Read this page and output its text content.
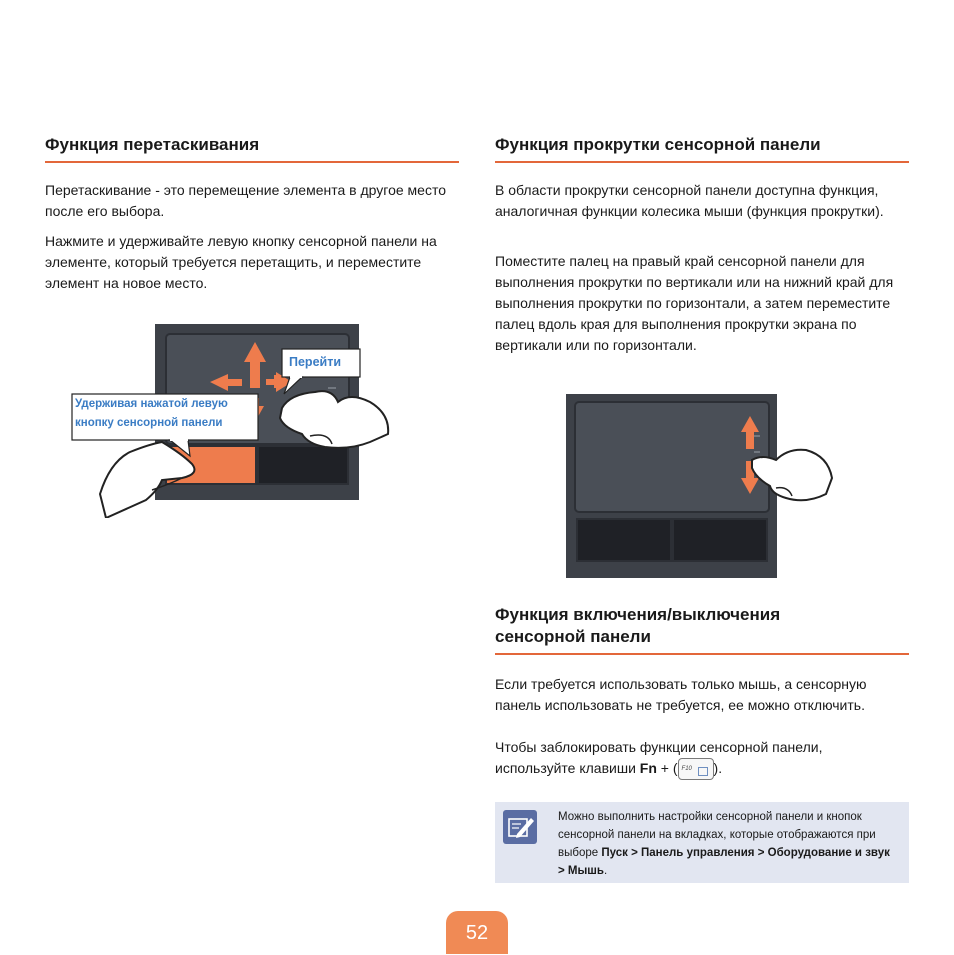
Функция перетаскивания

Перетаскивание - это перемещение элемента в другое место после его выбора.

Нажмите и удерживайте левую кнопку сенсорной панели на элементе, который требуется перетащить, и переместите элемент на новое место.

Перейти
Удерживая нажатой левую
кнопку сенсорной панели
Функция прокрутки сенсорной панели

В области прокрутки сенсорной панели доступна функция, аналогичная функции колесика мыши (функция прокрутки).

Поместите палец на правый край сенсорной панели для выполнения прокрутки по вертикали или на нижний край для выполнения прокрутки по горизонтали, а затем переместите палец вдоль края для выполнения прокрутки экрана по вертикали или по горизонтали.

Функция включения/выключения
сенсорной панели

Если требуется использовать только мышь, а сенсорную панель использовать не требуется, ее можно отключить.

Чтобы заблокировать функции сенсорной панели, используйте клавиши Fn + ( F10 ).

Можно выполнить настройки сенсорной панели и кнопок сенсорной панели на вкладках, которые отображаются при выборе Пуск > Панель управления > Оборудование и звук > Мышь.
52
